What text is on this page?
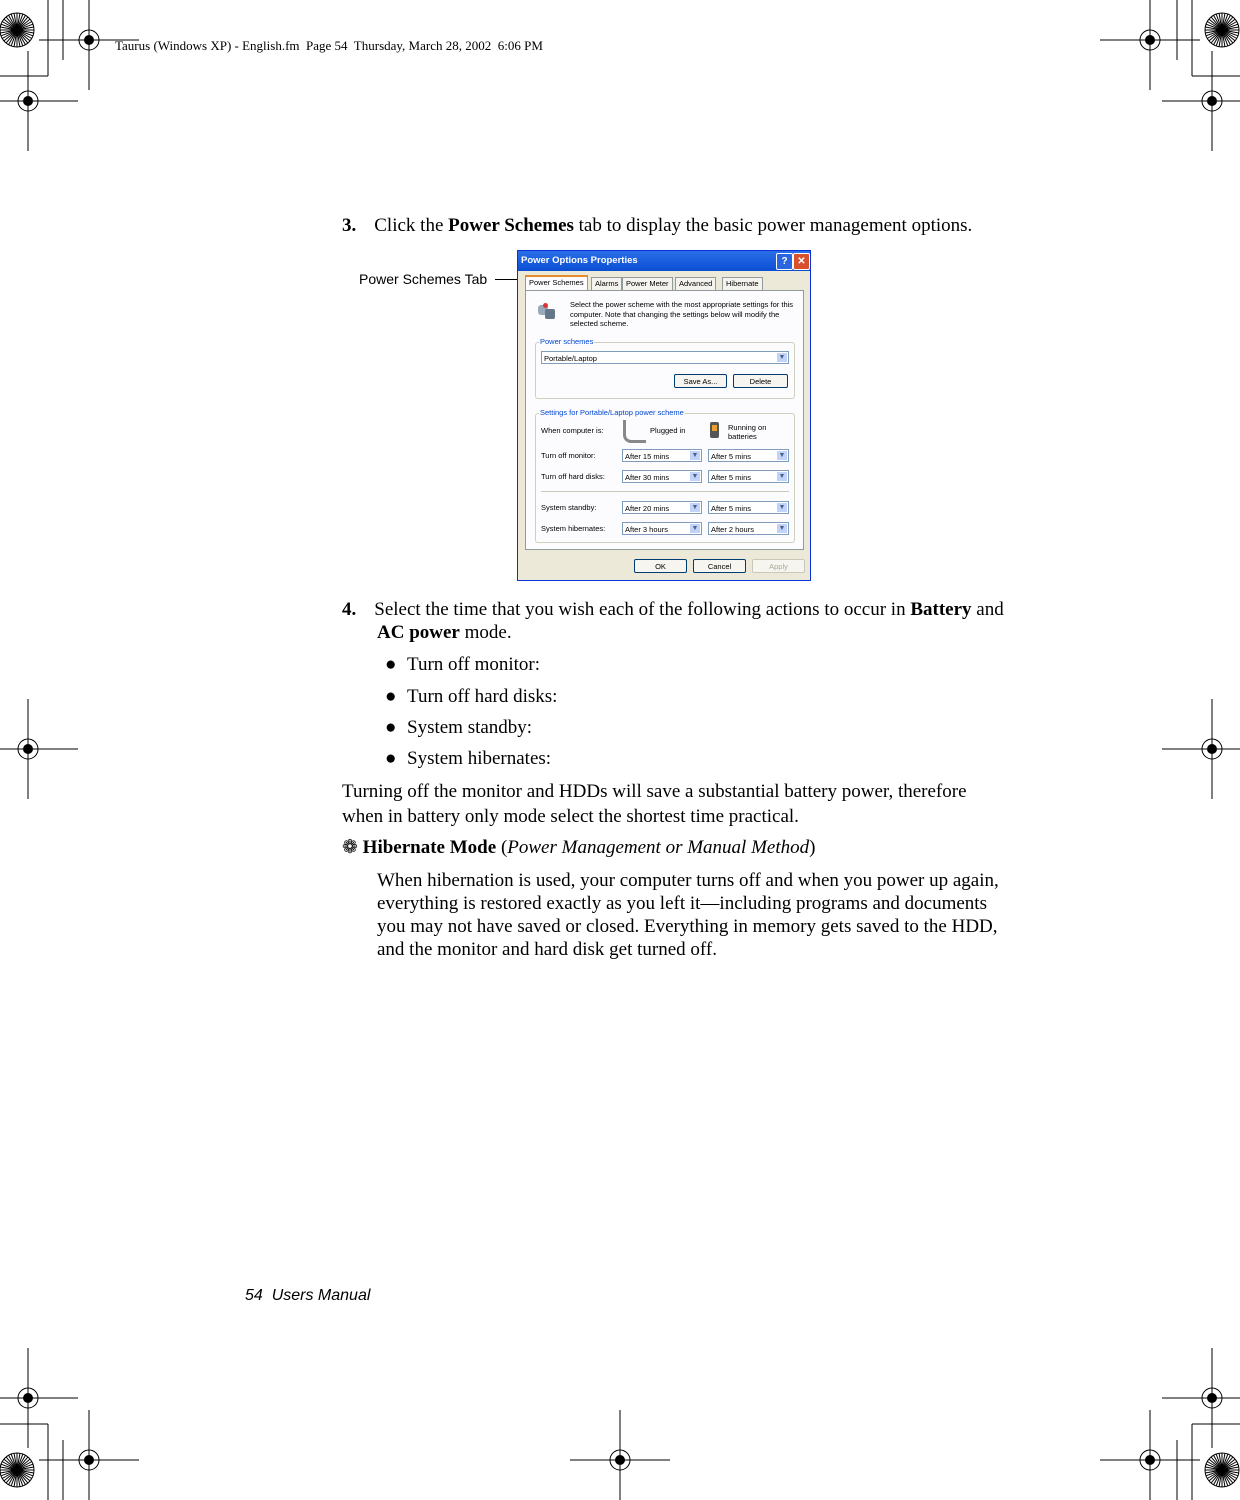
Taurus (Windows XP) - English.fm  Page 54  Thursday, March 28, 2002  6:06 PM
3. Click the Power Schemes tab to display the basic power management options.
Power Schemes Tab
Power Options Properties	? ✕
Power Schemes	Alarms	Power Meter	Advanced	Hibernate
Select the power scheme with the most appropriate settings for this computer. Note that changing the settings below will modify the selected scheme.
Power schemes
Portable/Laptop	▼
Save As...	Delete
Settings for Portable/Laptop power scheme
When computer is:	Plugged in	Running on batteries
Turn off monitor:	After 15 mins	▼	After 5 mins	▼
Turn off hard disks:	After 30 mins	▼	After 5 mins	▼
System standby:	After 20 mins	▼	After 5 mins	▼
System hibernates:	After 3 hours	▼	After 2 hours	▼
OK	Cancel	Apply
4. Select the time that you wish each of the following actions to occur in Battery and
AC power mode.
● Turn off monitor:
● Turn off hard disks:
● System standby:
● System hibernates:
Turning off the monitor and HDDs will save a substantial battery power, therefore
when in battery only mode select the shortest time practical.
❁ Hibernate Mode (Power Management or Manual Method)
When hibernation is used, your computer turns off and when you power up again,
everything is restored exactly as you left it—including programs and documents
you may not have saved or closed. Everything in memory gets saved to the HDD,
and the monitor and hard disk get turned off.
54  Users Manual
